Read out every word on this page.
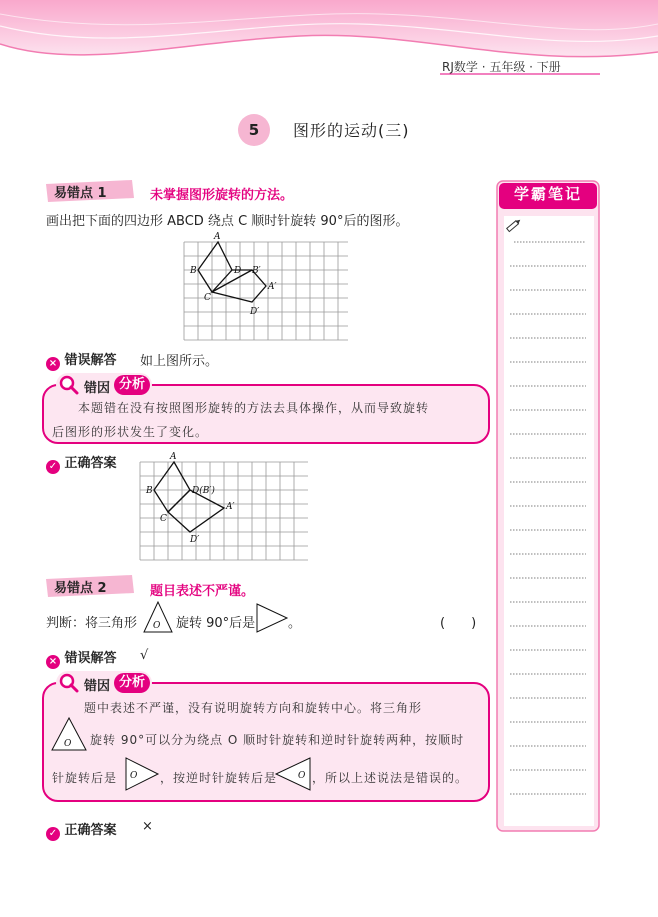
RJ数学 · 五年级 · 下册
5	图形的运动(三)
学霸笔记
易错点 1	未掌握图形旋转的方法。
画出把下面的四边形 ABCD 绕点 C 顺时针旋转 90°后的图形。
A
B
C
D B′
A′
D′
× 错误解答 如上图所示。
错因 分析
本题错在没有按照图形旋转的方法去具体操作，从而导致旋转
后图形的形状发生了变化。
✓ 正确答案	A
B
C
D(B′)
A′
D′
易错点 2	题目表述不严谨。
判断：将三角形 O 旋转 90°后是	。	(　　)
× 错误解答 √
错因 分析
题中表述不严谨，没有说明旋转方向和旋转中心。将三角形
O 旋转 90°可以分为绕点 O 顺时针旋转和逆时针旋转两种，按顺时
针旋转后是 O ，按逆时针旋转后是 O ，所以上述说法是错误的。
✓ 正确答案 ×
